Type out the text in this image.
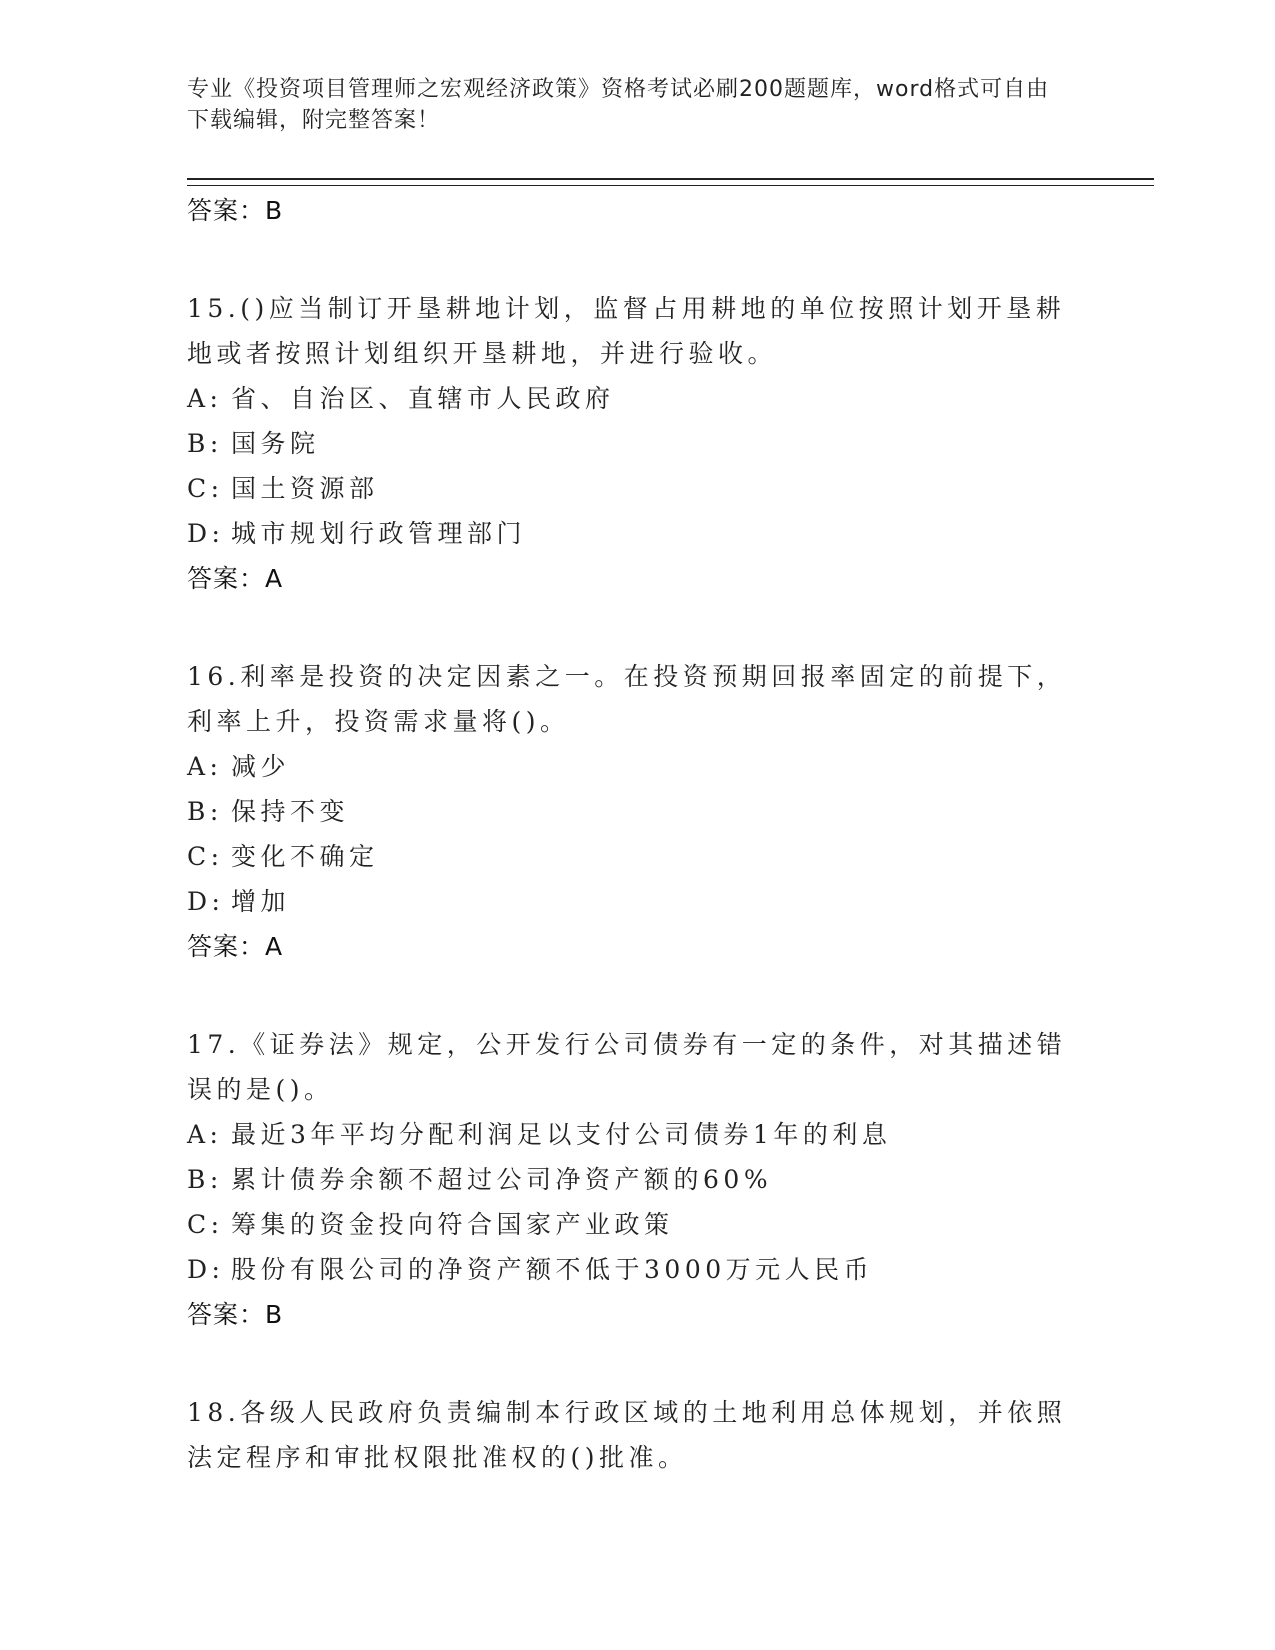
专业《投资项目管理师之宏观经济政策》资格考试必刷200题题库，word格式可自由下载编辑，附完整答案！
答案：B

15.()应当制订开垦耕地计划，监督占用耕地的单位按照计划开垦耕地或者按照计划组织开垦耕地，并进行验收。

A: 省、自治区、直辖市人民政府
B: 国务院
C: 国土资源部
D: 城市规划行政管理部门
答案：A

16.利率是投资的决定因素之一。在投资预期回报率固定的前提下，利率上升，投资需求量将()。

A: 减少
B: 保持不变
C: 变化不确定
D: 增加
答案：A

17.《证券法》规定，公开发行公司债券有一定的条件，对其描述错误的是()。

A: 最近3年平均分配利润足以支付公司债券1年的利息
B: 累计债券余额不超过公司净资产额的60%
C: 筹集的资金投向符合国家产业政策
D: 股份有限公司的净资产额不低于3000万元人民币
答案：B

18.各级人民政府负责编制本行政区域的土地利用总体规划，并依照法定程序和审批权限批准权的()批准。
